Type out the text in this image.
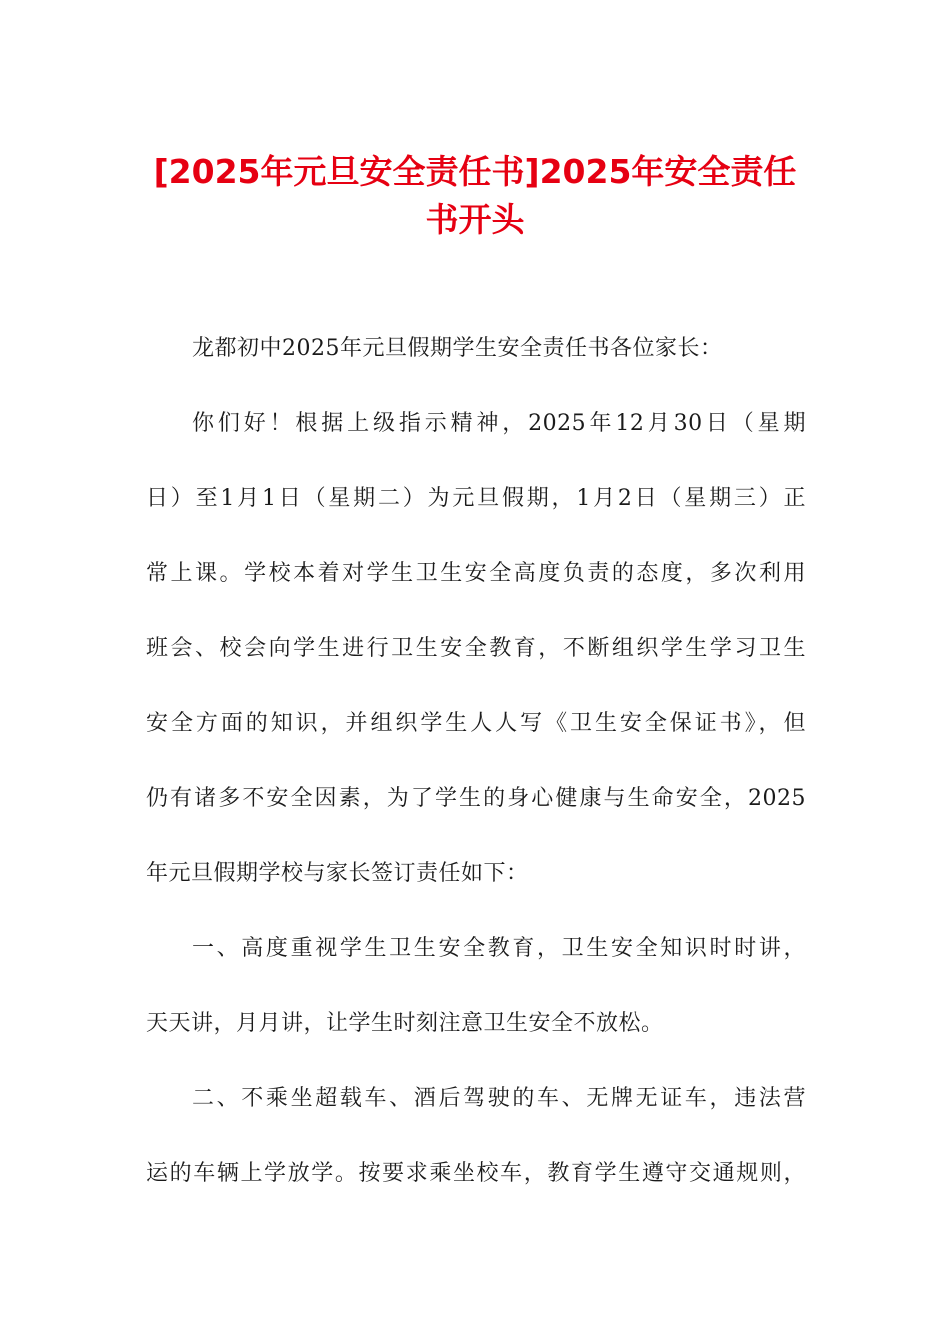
[2025年元旦安全责任书]2025年安全责任
书开头

龙都初中2025年元旦假期学生安全责任书各位家长：

你们好！根据上级指示精神，2025年12月30日（星期

日）至1月1日（星期二）为元旦假期，1月2日（星期三）正

常上课。学校本着对学生卫生安全高度负责的态度，多次利用

班会、校会向学生进行卫生安全教育，不断组织学生学习卫生

安全方面的知识，并组织学生人人写《卫生安全保证书》，但

仍有诸多不安全因素，为了学生的身心健康与生命安全，2025

年元旦假期学校与家长签订责任如下：

一、高度重视学生卫生安全教育，卫生安全知识时时讲，

天天讲，月月讲，让学生时刻注意卫生安全不放松。

二、不乘坐超载车、酒后驾驶的车、无牌无证车，违法营

运的车辆上学放学。按要求乘坐校车，教育学生遵守交通规则，
